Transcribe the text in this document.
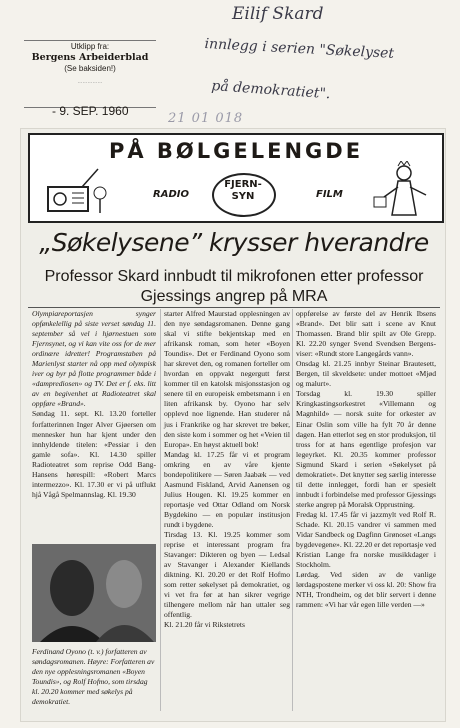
Eilif Skard
innlegg i serien "Søkelyset
på demokratiet".
21 01 018
Utklipp fra:
Bergens Arbeiderblad
(Se baksiden!)
...............
- 9. SEP. 1960
PÅ BØLGELENGDE
RADIO
FJERN-
SYN	FILM
„Søkelysene” krysser hverandre
Professor Skard innbudt til mikrofonen etter professor
Gjessings angrep på MRA

Olympiareportasjen synger opfønkelellig på siste verset søndag 11. september så vel i hjørnestuen som Fjernsynet, og vi kan vite oss for de mer ordinære idretter! Programstaben på Marienlyst starter nå opp med olympisk iver og byr på flotte programmer både i «damprediosen» og TV. Det er f. eks. litt av en begivenhet at Radioteatret skal oppføre «Brand».

Søndag 11. sept. Kl. 13.20 forteller forfatterinnen Inger Alver Gjøersen om mennesker hun har kjent under den innhyldende titelen: «Pessiar i den gamle sofa». Kl. 14.30 spiller Radioteatret som reprise Odd Bang-Hansens hørespill: «Robert Marcs intermezzo». Kl. 17.30 er vi på utflukt hjå Vågå Spelmannslag. Kl. 19.30

Ferdinand Oyono (t. v.) forfatteren av søndagsromanen. Høyre: Forfatteren av den nye opplesningsromanen «Boyen Toundis», og Rolf Hofmo, som tirsdag kl. 20.20 kommer med søkelys på demokratiet.

starter Alfred Maurstad opplesningen av den nye søndagsromanen. Denne gang skal vi stifte bekjentskap med en afrikansk roman, som heter «Boyen Toundis». Det er Ferdinand Oyono som har skrevet den, og romanen forteller om hvordan en oppvakt negergutt først kommer til en katolsk misjonsstasjon og senere til en europeisk embetsmann i en liten afrikansk by. Oyono har selv opplevd noe lignende. Han studerer nå jus i Frankrike og har skrevet tre bøker, den siste kom i sommer og het «Veien til Europa». En høyst aktuell bok!

Mandag kl. 17.25 får vi et program omkring en av våre kjente bondepolitikere — Søren Jaabæk — ved Aasmund Fiskland, Arvid Aanensen og Julius Hougen. Kl. 19.25 kommer en reportasje ved Ottar Odland om Norsk Bygdekino — en populær institusjon rundt i bygdene.

Tirsdag 13. Kl. 19.25 kommer som reprise et interessant program fra Stavanger: Dikteren og byen — Ledsal av Stavanger i Alexander Kiellands diktning. Kl. 20.20 er det Rolf Hofmo som retter søkelyset på demokratiet, og vi vet fra før at han sikrer vegrige tilhengere mellom når han uttaler seg offentlig.

Kl. 21.20 får vi Rikstetrets

oppførelse av første del av Henrik Ibsens «Brand». Det blir satt i scene av Knut Thomassen. Brand blir spilt av Ole Grepp. Kl. 22.20 synger Svend Svendsen Bergens-viser: «Rundt store Langegårds vann».

Onsdag kl. 21.25 innbyr Steinar Brautesett, Bergen, til skveldsete: under mottoet «Mjød og malurt».

Torsdag kl. 19.30 spiller Kringkastingsorkestret «Villemann og Magnhild» — norsk suite for orkester av Einar Oslin som ville ha fylt 70 år denne dagen. Han etterlot seg en stor produksjon, til tross for at hans egentlige profesjon var legeyrket. Kl. 20.35 kommer professor Sigmund Skard i serien «Søkelyset på demokratiet». Det knytter seg særlig interesse til dette innlegget, fordi han er spesielt innbudt i forbindelse med professor Gjessings sterke angrep på Moralsk Opprustning.

Fredag kl. 17.45 får vi jazzmylt ved Rolf R. Schade. Kl. 20.15 vandrer vi sammen med Vidar Sandbeck og Dagfinn Grønoset «Langs bygdevegene». Kl. 22.20 er det reportasje ved Kristian Lange fra norske musikkdager i Stockholm.

Lørdag. Ved siden av de vanlige lørdagspostene merker vi oss kl. 20: Show fra NTH, Trondheim, og det blir servert i denne rammen: «Vi har vår egen lille verden —»
